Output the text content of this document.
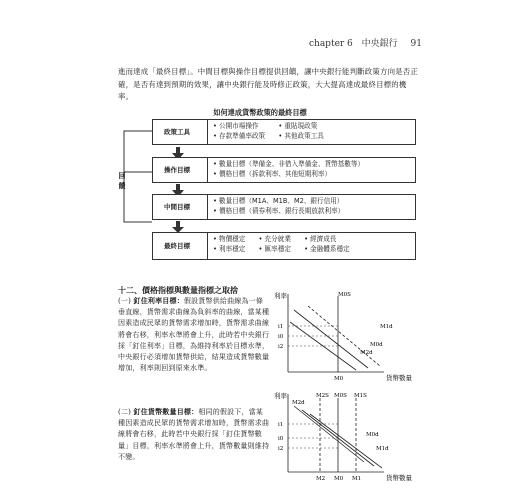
chapter 6 中央銀行 91
進而達成「最終目標」。中間目標與操作目標提供回饋，讓中央銀行能判斷政策方向是否正確，是否有達到預期的效果，讓中央銀行能及時修正政策，大大提高達成最終目標的機率。
如何達成貨幣政策的最終目標
政策工具
• 公開市場操作　　　• 重貼現政策
• 存款準備率政策　　• 其他政策工具
操作目標
• 數量目標（準備金、非借入準備金、貨幣基數等）
• 價格目標（拆款利率、其他短期利率）
中間目標
• 數量目標（M1A、M1B、M2、銀行信用）
• 價格目標（債券利率、銀行長期放款利率）
最終目標
• 物價穩定　　• 充分就業　　• 經濟成長
• 利率穩定　　• 匯率穩定　　• 金融體系穩定
回饋
十二、價格指標與數量指標之取捨
(一) 釘住利率目標：假設貨幣供給曲線為一條垂直線，貨幣需求曲線為負斜率的曲線，當某種因素造成民眾的貨幣需求增加時，貨幣需求曲線將會右移，利率水準將會上升，此時若中央銀行採「釘住利率」目標，為維持利率於目標水準，中央銀行必須增加貨幣供給，結果造成貨幣數量增加，利率則回到原來水準。
(二) 釘住貨幣數量目標：相同的假設下，當某種因素造成民眾的貨幣需求增加時，貨幣需求曲線將會右移，此時若中央銀行採「釘住貨幣數量」目標，利率水準將會上升，貨幣數量則維持不變。
利率
貨幣數量
M0S
M1d
M0d
M2d
i1
i0
i2
M0
利率
貨幣數量
M2S M0S M1S
M2d
M0d
M1d
i1
i0
i2
M2 M0 M1
